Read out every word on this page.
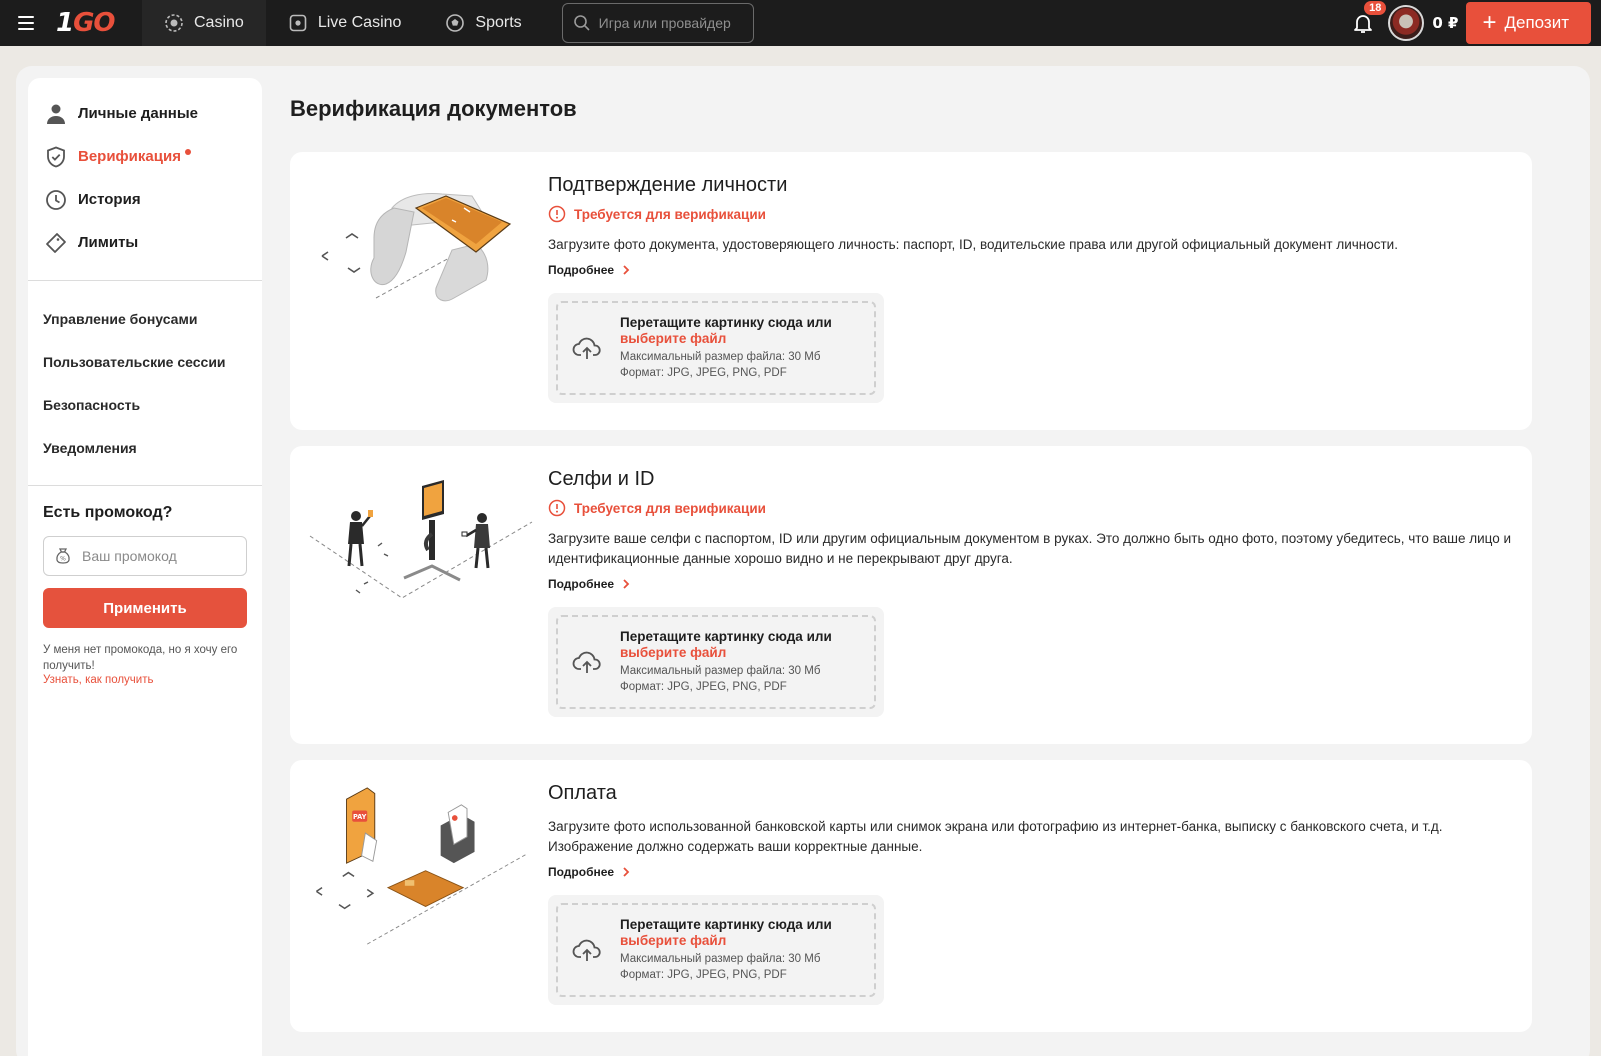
1GO	Casino	Live Casino	Sports
Игра или провайдер
18
0 ₽ + Депозит
Личные данные
Верификация
История
Лимиты
Управление бонусами
Пользовательские сессии
Безопасность
Уведомления
Есть промокод?
%
Ваш промокод
Применить
У меня нет промокода, но я хочу его получить!
Узнать, как получить
Верификация документов
Подтверждение личности
Требуется для верификации
Загрузите фото документа, удостоверяющего личность: паспорт, ID, водительские права или другой официальный документ личности.
Подробнее
Перетащите картинку сюда или
выберите файл
Максимальный размер файла: 30 Мб
Формат: JPG, JPEG, PNG, PDF
Селфи и ID
Требуется для верификации
Загрузите ваше селфи с паспортом, ID или другим официальным документом в руках. Это должно быть одно фото, поэтому убедитесь, что ваше лицо и идентификационные данные хорошо видно и не перекрывают друг друга.
Подробнее
Перетащите картинку сюда или
выберите файл
Максимальный размер файла: 30 Мб
Формат: JPG, JPEG, PNG, PDF
PAY
Оплата
Загрузите фото использованной банковской карты или снимок экрана или фотографию из интернет-банка, выписку с банковского счета, и т.д. Изображение должно содержать ваши корректные данные.
Подробнее
Перетащите картинку сюда или
выберите файл
Максимальный размер файла: 30 Мб
Формат: JPG, JPEG, PNG, PDF
